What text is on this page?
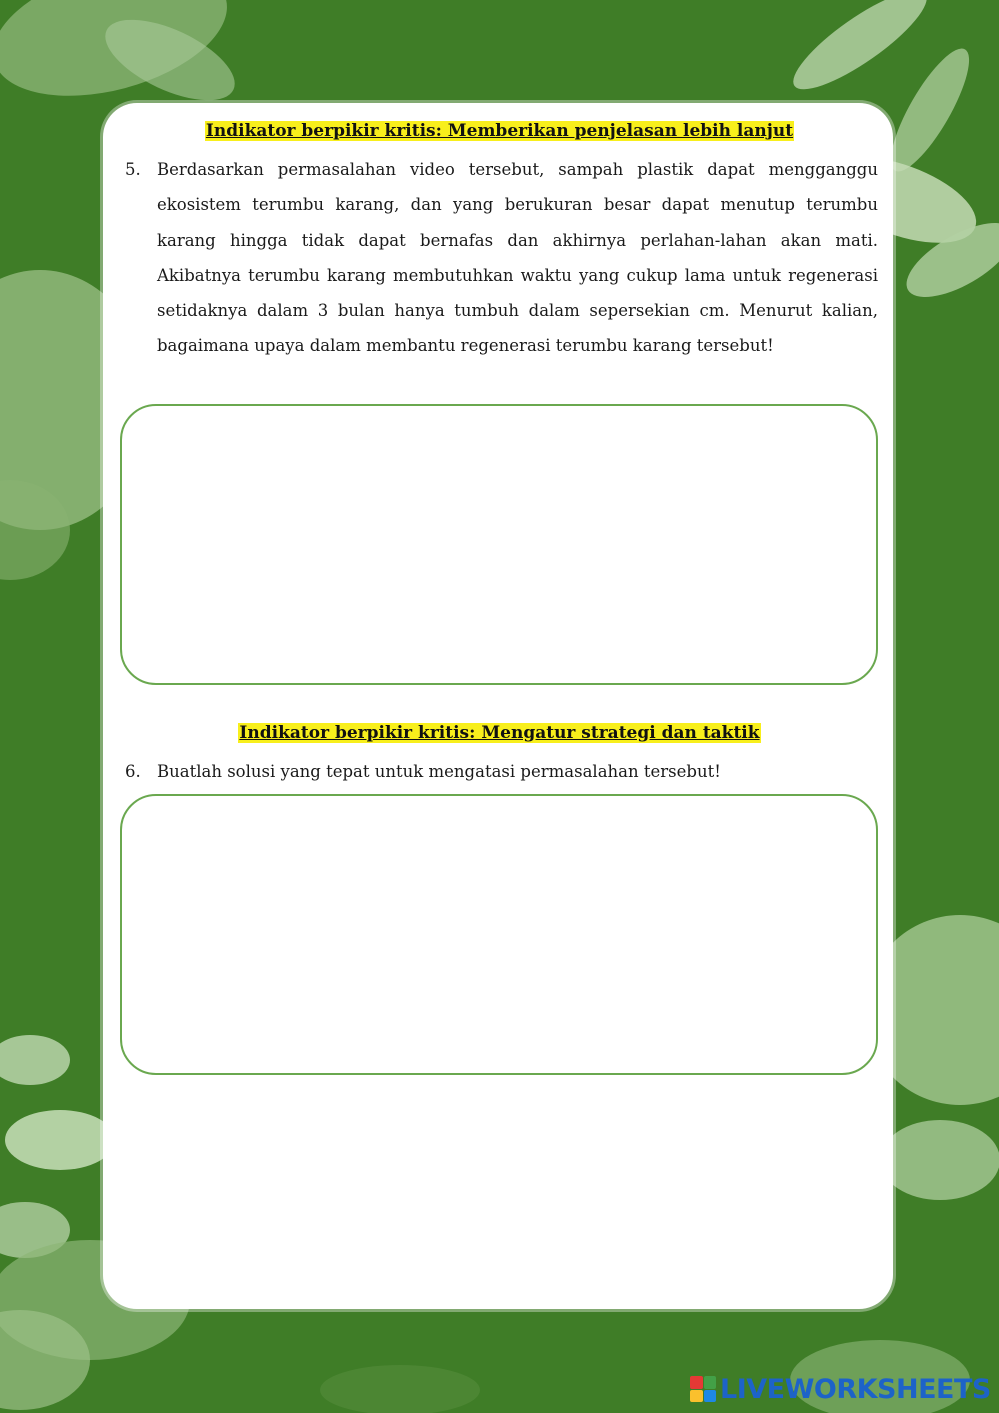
Indikator berpikir kritis: Memberikan penjelasan lebih lanjut
5. Berdasarkan permasalahan video tersebut, sampah plastik dapat mengganggu ekosistem terumbu karang, dan yang berukuran besar dapat menutup terumbu karang hingga tidak dapat bernafas dan akhirnya perlahan-lahan akan mati. Akibatnya terumbu karang membutuhkan waktu yang cukup lama untuk regenerasi setidaknya dalam 3 bulan hanya tumbuh dalam sepersekian cm. Menurut kalian, bagaimana upaya dalam membantu regenerasi terumbu karang tersebut!
Indikator berpikir kritis: Mengatur strategi dan taktik
6. Buatlah solusi yang tepat untuk mengatasi permasalahan tersebut!
LIVEWORKSHEETS
